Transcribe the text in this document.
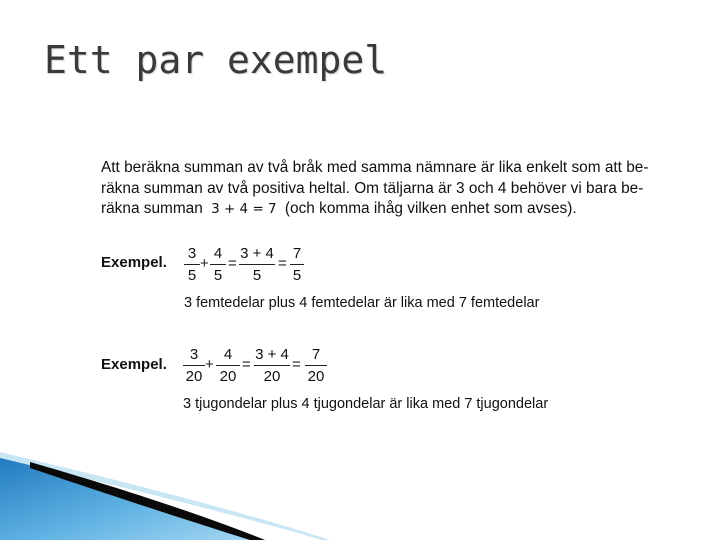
Ett par exempel
Att beräkna summan av två bråk med samma nämnare är lika enkelt som att be-
räkna summan av två positiva heltal. Om täljarna är 3 och 4 behöver vi bara be-
räkna summan 3 + 4 = 7 (och komma ihåg vilken enhet som avses).
Exempel.
3
5
+
4
5
=
3 + 4
5
=
7
5
3 femtedelar plus 4 femtedelar är lika med 7 femtedelar
Exempel.
3
20
+
4
20
=
3 + 4
20
=
7
20
3 tjugondelar plus 4 tjugondelar är lika med 7 tjugondelar
